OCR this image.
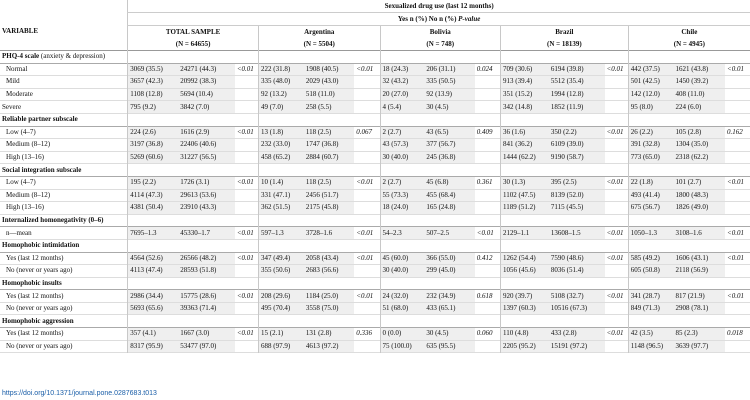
	Sexualized drug use (last 12 months)														
	Yes n (%) No n (%) P-value														
VARIABLE	TOTAL SAMPLE			Argentina			Bolivia			Brazil			Chile		
	(N = 64655)			(N = 5504)			(N = 748)			(N = 18139)			(N = 4945)		
PHQ-4 scale (anxiety & depression)															
Normal	3069 (35.5)	24271 (44.3)	<0.01	222 (31.8)	1908 (40.5)	<0.01	18 (24.3)	206 (31.1)	0.024	709 (30.6)	6194 (39.8)	<0.01	442 (37.5)	1621 (43.8)	<0.01
Mild	3657 (42.3)	20992 (38.3)		335 (48.0)	2029 (43.0)		32 (43.2)	335 (50.5)		913 (39.4)	5512 (35.4)		501 (42.5)	1450 (39.2)	
Moderate	1108 (12.8)	5694 (10.4)		92 (13.2)	518 (11.0)		20 (27.0)	92 (13.9)		351 (15.2)	1994 (12.8)		142 (12.0)	408 (11.0)	
Severe	795 (9.2)	3842 (7.0)		49 (7.0)	258 (5.5)		4 (5.4)	30 (4.5)		342 (14.8)	1852 (11.9)		95 (8.0)	224 (6.0)	
Reliable partner subscale															
Low (4–7)	224 (2.6)	1616 (2.9)	<0.01	13 (1.8)	118 (2.5)	0.067	2 (2.7)	43 (6.5)	0.409	36 (1.6)	350 (2.2)	<0.01	26 (2.2)	105 (2.8)	0.162
Medium (8–12)	3197 (36.8)	22406 (40.6)		232 (33.0)	1747 (36.8)		43 (57.3)	377 (56.7)		841 (36.2)	6109 (39.0)		391 (32.8)	1304 (35.0)	
High (13–16)	5269 (60.6)	31227 (56.5)		458 (65.2)	2884 (60.7)		30 (40.0)	245 (36.8)		1444 (62.2)	9190 (58.7)		773 (65.0)	2318 (62.2)	
Social integration subscale															
Low (4–7)	195 (2.2)	1726 (3.1)	<0.01	10 (1.4)	118 (2.5)	<0.01	2 (2.7)	45 (6.8)	0.361	30 (1.3)	395 (2.5)	<0.01	22 (1.8)	101 (2.7)	<0.01
Medium (8–12)	4114 (47.3)	29613 (53.6)		331 (47.1)	2456 (51.7)		55 (73.3)	455 (68.4)		1102 (47.5)	8139 (52.0)		493 (41.4)	1800 (48.3)	
High (13–16)	4381 (50.4)	23910 (43.3)		362 (51.5)	2175 (45.8)		18 (24.0)	165 (24.8)		1189 (51.2)	7115 (45.5)		675 (56.7)	1826 (49.0)	
Internalized homonegativity (0–6)															
n—mean	7695–1.3	45330–1.7	<0.01	597–1.3	3728–1.6	<0.01	54–2.3	507–2.5	<0.01	2129–1.1	13608–1.5	<0.01	1050–1.3	3108–1.6	<0.01
Homophobic intimidation															
Yes (last 12 months)	4564 (52.6)	26566 (48.2)	<0.01	347 (49.4)	2058 (43.4)	<0.01	45 (60.0)	366 (55.0)	0.412	1262 (54.4)	7590 (48.6)	<0.01	585 (49.2)	1606 (43.1)	<0.01
No (never or years ago)	4113 (47.4)	28593 (51.8)		355 (50.6)	2683 (56.6)		30 (40.0)	299 (45.0)		1056 (45.6)	8036 (51.4)		605 (50.8)	2118 (56.9)	
Homophobic insults															
Yes (last 12 months)	2986 (34.4)	15775 (28.6)	<0.01	208 (29.6)	1184 (25.0)	<0.01	24 (32.0)	232 (34.9)	0.618	920 (39.7)	5108 (32.7)	<0.01	341 (28.7)	817 (21.9)	<0.01
No (never or years ago)	5693 (65.6)	39363 (71.4)		495 (70.4)	3558 (75.0)		51 (68.0)	433 (65.1)		1397 (60.3)	10516 (67.3)		849 (71.3)	2908 (78.1)	
Homophobic aggression															
Yes (last 12 months)	357 (4.1)	1667 (3.0)	<0.01	15 (2.1)	131 (2.8)	0.336	0 (0.0)	30 (4.5)	0.060	110 (4.8)	433 (2.8)	<0.01	42 (3.5)	85 (2.3)	0.018
No (never or years ago)	8317 (95.9)	53477 (97.0)		688 (97.9)	4613 (97.2)		75 (100.0)	635 (95.5)		2205 (95.2)	15191 (97.2)		1148 (96.5)	3639 (97.7)	
https://doi.org/10.1371/journal.pone.0287683.t013
